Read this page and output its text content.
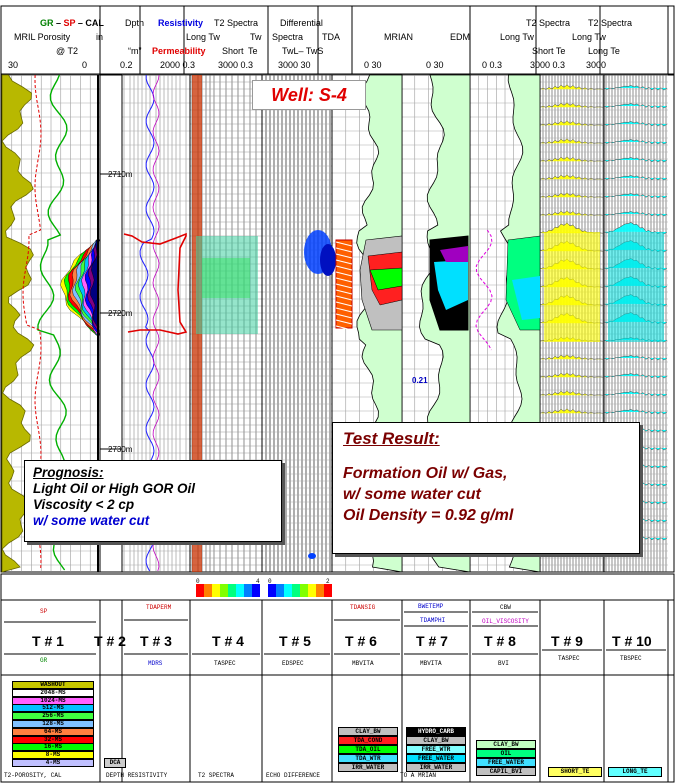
GR – SP – CAL
MRIL Porosity	in
@ T2
30	0	0.2
Dpth
“m”
Resistivity
Permeability
2000 0.3
T2 Spectra
Long Tw
Short Te
3000 0.3
Tw
Differential
Spectra
TwL– TwS
3000 30
TDA
0 30
MRIAN	EDM
0 30	0 0.3
T2 Spectra
Long Tw
Short Te
3000 0.3
T2 Spectra
Long Tw
Long Te
3000
2710m
2720m
2730m
0.21
Well: S-4
Prognosis:
Light Oil or High GOR Oil
Viscosity < 2 cp
w/ some water cut
Test Result:
Formation Oil w/ Gas,
w/ some water cut
Oil Density = 0.92 g/ml
0	4 0	2
T # 1 T # 2 T # 3	T # 4	T # 5 T # 6	T # 7	T # 8	T # 9 T # 10
SP
GR
TDAPERM
MDRS	TASPEC	EDSPEC
TDANSIG
MBVITA
BWETEMP
TDAMPHI
MBVITA
CBW
OIL_VISCOSITY
BVI
TASPEC	TBSPEC
WASHOUT
2048-MS
1024-MS
512-MS
256-MS
128-MS
64-MS
32-MS
16-MS
8-MS
4-MS
CLAY_BW
TDA_COND
TDA_OIL
TDA_WTR
IRR_WATER
HYDRO_CARB
CLAY_BW
FREE_WTR
FREE_WATER
IRR_WATER
CLAY_BW
OIL
FREE_WATER
CAPIL_BVI	SHORT_TE	LONG_TE
T2-POROSITY, CAL	DEPTH RESISTIVITY	T2 SPECTRA	ECHO DIFFERENCE	TO A MRIAN
DCA
